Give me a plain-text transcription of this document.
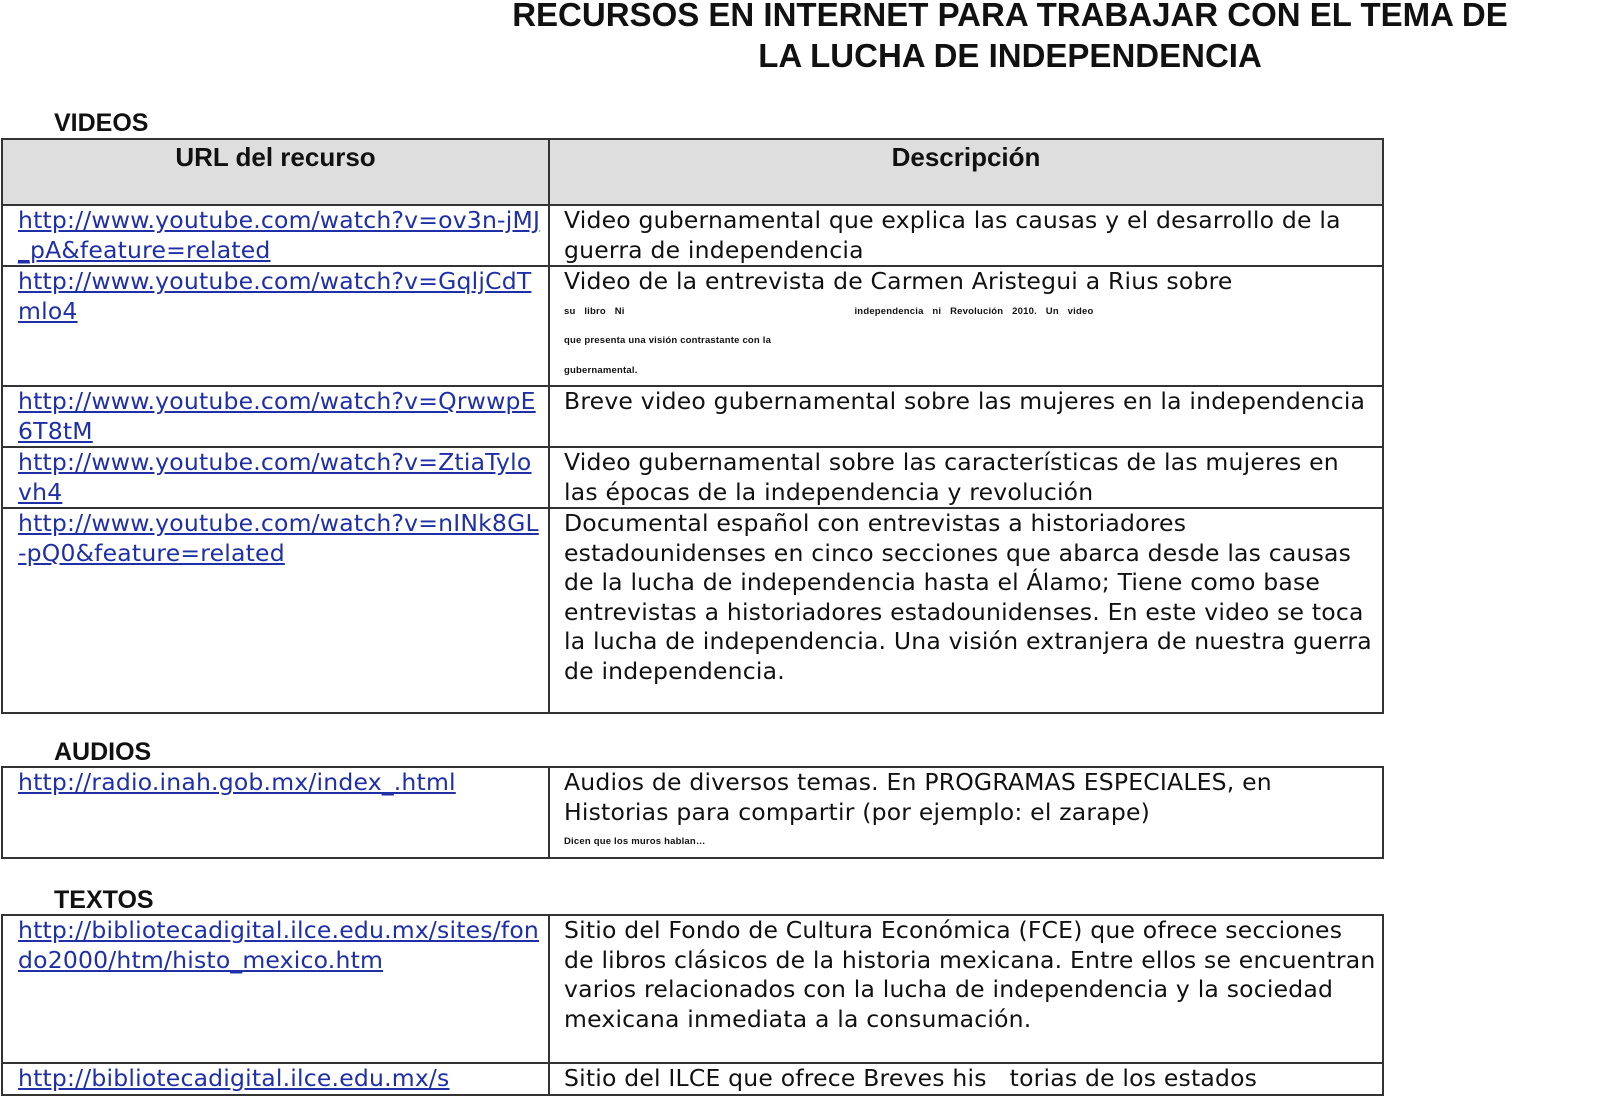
RECURSOS EN INTERNET PARA TRABAJAR CON EL TEMA DE
LA LUCHA DE INDEPENDENCIA
VIDEOS
URL del recurso	Descripción
http://www.youtube.com/watch?v=ov3n-jMJ_pA&feature=related	Video gubernamental que explica las causas y el desarrollo de la guerra de independencia
http://www.youtube.com/watch?v=GqljCdTmlo4	Video de la entrevista de Carmen Aristegui a Rius sobre
su libro Ni                          independencia ni Revolución 2010. Un video
que presenta una visión contrastante con la
gubernamental.

http://www.youtube.com/watch?v=QrwwpE6T8tM	Breve video gubernamental sobre las mujeres en la independencia
http://www.youtube.com/watch?v=ZtiaTylovh4	Video gubernamental sobre las características de las mujeres en las épocas de la independencia y revolución
http://www.youtube.com/watch?v=nINk8GL-pQ0&feature=related	Documental español con entrevistas a historiadores estadounidenses en cinco secciones que abarca desde las causas de la lucha de independencia hasta el Álamo; Tiene como base entrevistas a historiadores estadounidenses. En este video se toca la lucha de independencia. Una visión extranjera de nuestra guerra de independencia.
AUDIOS
http://radio.inah.gob.mx/index_.html	Audios de diversos temas. En PROGRAMAS ESPECIALES, en Historias para compartir (por ejemplo: el zarape)
Dicen que los muros hablan…
TEXTOS
http://bibliotecadigital.ilce.edu.mx/sites/fondo2000/htm/histo_mexico.htm	Sitio del Fondo de Cultura Económica (FCE) que ofrece secciones de libros clásicos de la historia mexicana. Entre ellos se encuentran varios relacionados con la lucha de independencia y la sociedad mexicana inmediata a la consumación.
http://bibliotecadigital.ilce.edu.mx/s	Sitio del ILCE que ofrece Breves his   torias de los estados
